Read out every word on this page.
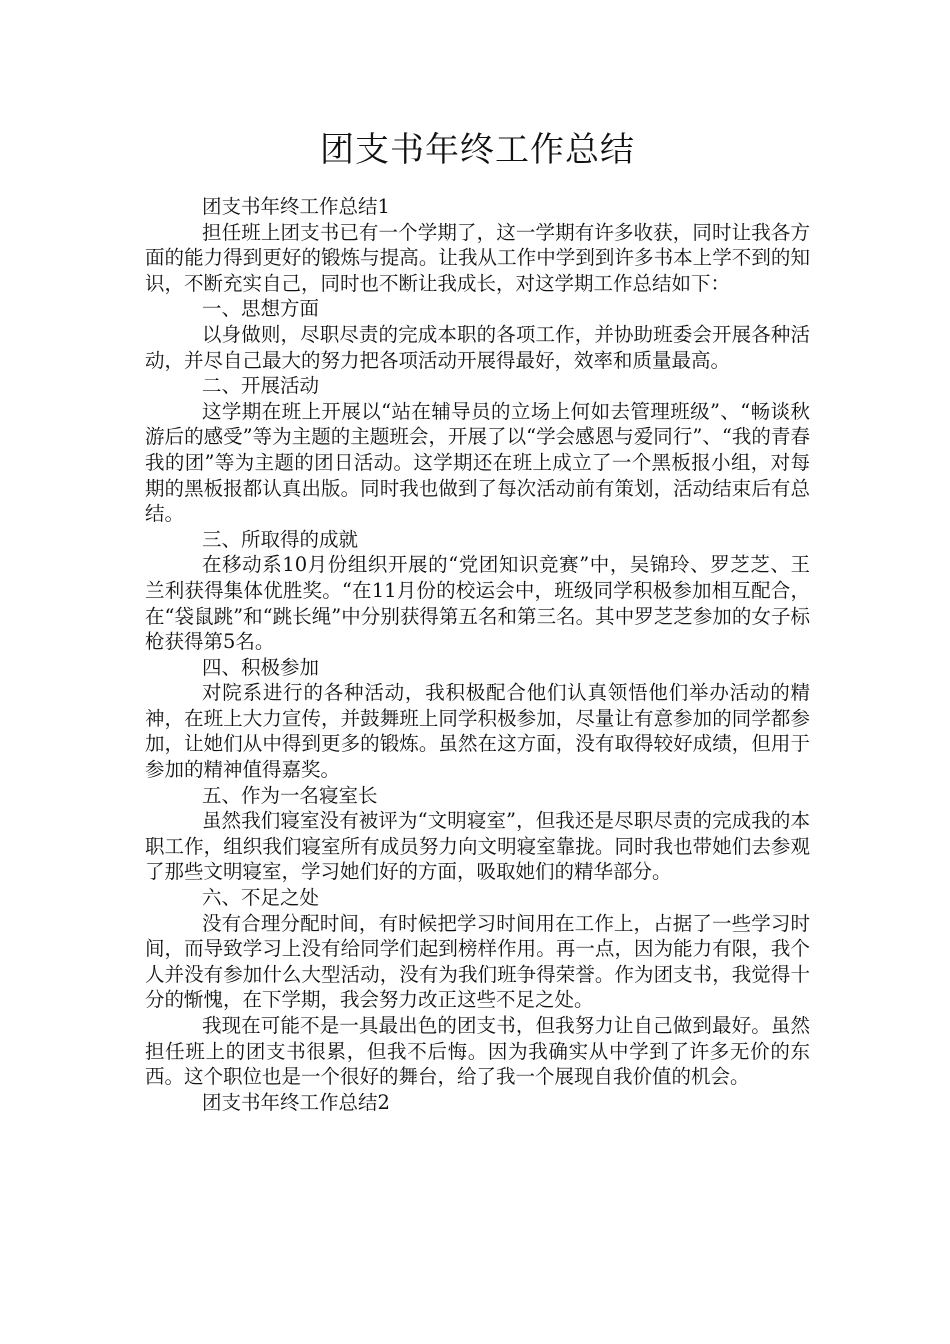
团支书年终工作总结

团支书年终工作总结1

担任班上团支书已有一个学期了，这一学期有许多收获，同时让我各方面的能力得到更好的锻炼与提高。让我从工作中学到到许多书本上学不到的知识，不断充实自己，同时也不断让我成长，对这学期工作总结如下：

一、思想方面

以身做则，尽职尽责的完成本职的各项工作，并协助班委会开展各种活动，并尽自己最大的努力把各项活动开展得最好，效率和质量最高。

二、开展活动

这学期在班上开展以“站在辅导员的立场上何如去管理班级”、“畅谈秋游后的感受”等为主题的主题班会，开展了以“学会感恩与爱同行”、“我的青春我的团”等为主题的团日活动。这学期还在班上成立了一个黑板报小组，对每期的黑板报都认真出版。同时我也做到了每次活动前有策划，活动结束后有总结。

三、所取得的成就

在移动系10月份组织开展的“党团知识竞赛”中，吴锦玲、罗芝芝、王兰利获得集体优胜奖。“在11月份的校运会中，班级同学积极参加相互配合，在“袋鼠跳”和“跳长绳”中分别获得第五名和第三名。其中罗芝芝参加的女子标枪获得第5名。

四、积极参加

对院系进行的各种活动，我积极配合他们认真领悟他们举办活动的精神，在班上大力宣传，并鼓舞班上同学积极参加，尽量让有意参加的同学都参加，让她们从中得到更多的锻炼。虽然在这方面，没有取得较好成绩，但用于参加的精神值得嘉奖。

五、作为一名寝室长

虽然我们寝室没有被评为“文明寝室”，但我还是尽职尽责的完成我的本职工作，组织我们寝室所有成员努力向文明寝室靠拢。同时我也带她们去参观了那些文明寝室，学习她们好的方面，吸取她们的精华部分。

六、不足之处

没有合理分配时间，有时候把学习时间用在工作上，占据了一些学习时间，而导致学习上没有给同学们起到榜样作用。再一点，因为能力有限，我个人并没有参加什么大型活动，没有为我们班争得荣誉。作为团支书，我觉得十分的惭愧，在下学期，我会努力改正这些不足之处。

我现在可能不是一具最出色的团支书，但我努力让自己做到最好。虽然担任班上的团支书很累，但我不后悔。因为我确实从中学到了许多无价的东西。这个职位也是一个很好的舞台，给了我一个展现自我价值的机会。

团支书年终工作总结2
